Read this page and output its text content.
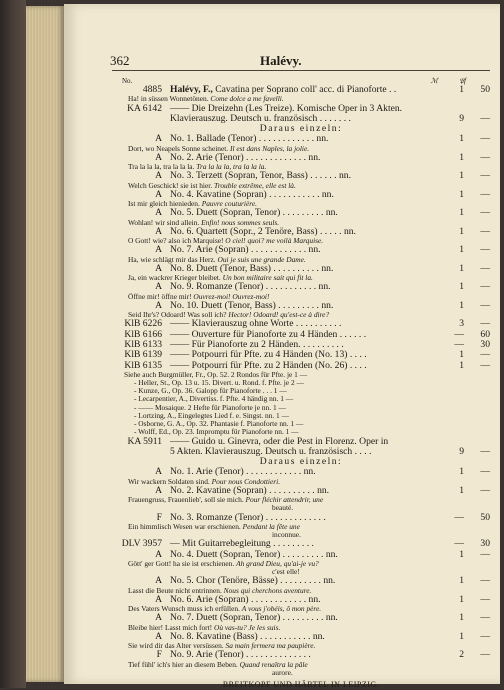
362	Halévy.
No.	ℳ	𝔓f
4885 Halévy, F., Cavatina per Soprano coll' acc. di Pianoforte . .	1	50
Ha! in süssen Wonnetönen. Come dolce a me favelli.
KA 6142 —— Die Dreizehn (Les Treize). Komische Oper in 3 Akten.
Klavierauszug. Deutsch u. französisch . . . . . . .	9	—
Daraus einzeln:
A No. 1. Ballade (Tenor) . . . . . . . . . . . . nn.	1	—
Dort, wo Neapels Sonne scheinet. Il est dans Naples, la jolie.
A No. 2. Arie (Tenor) . . . . . . . . . . . . . nn.	1	—
Tra la la la, tra la la la. Tra la la la, tra la la la.
A No. 3. Terzett (Sopran, Tenor, Bass) . . . . . . nn.	1	—
Welch Geschick! sie ist hier. Trouble extrême, elle est là.
A No. 4. Kavatine (Sopran) . . . . . . . . . . . nn.	1	—
Ist mir gleich hienieden. Pauvre couturière.
A No. 5. Duett (Sopran, Tenor) . . . . . . . . . nn.	1	—
Wohlan! wir sind allein. Enfin! nous sommes seuls.
A No. 6. Quartett (Sopr., 2 Tenöre, Bass) . . . . . nn.	1	—
O Gott! wie? also ich Marquise! O ciel! quoi? me voilà Marquise.
A No. 7. Arie (Sopran) . . . . . . . . . . . . nn.	1	—
Ha, wie schlägt mir das Herz. Oui je suis une grande Dame.
A No. 8. Duett (Tenor, Bass) . . . . . . . . . . nn.	1	—
Ja, ein wackrer Krieger bleibet. Un bon militaire sait qui fit la.
A No. 9. Romanze (Tenor) . . . . . . . . . . . nn.	1	—
Öffne mir! öffne mir! Ouvrez-moi! Ouvrez-moi!
A No. 10. Duett (Tenor, Bass) . . . . . . . . . nn.	1	—
Seid Ihr's? Odoard! Was soll ich? Hector! Odoard! qu'est-ce à dire?
KlB 6226 —— Klavierauszug ohne Worte . . . . . . . . . .	3	—
KlB 6166 —— Ouverture für Pianoforte zu 4 Händen . . . . . .	—	60
KlB 6133 —— Für Pianoforte zu 2 Händen. . . . . . . . . .	—	30
KlB 6139 —— Potpourri für Pfte. zu 4 Händen (No. 13) . . . .	1	—
KlB 6135 —— Potpourri für Pfte. zu 2 Händen (No. 26) . . . .	1	—
Siehe auch Burgmüller, Fr., Op. 52. 2 Rondos für Pfte. je 1 —
- Heller, St., Op. 13 u. 15. Divert. u. Rond. f. Pfte. je 2 —
- Kunze, G., Op. 36. Galopp für Pianoforte . . . 1 —
- Lecarpentier, A., Divertiss. f. Pfte. 4 händig nn. 1 —
- —— Mosaique. 2 Hefte für Pianoforte je nn. 1 —
- Lortzing, A., Eingelegtes Lied f. e. Singst. nn. 1 —
- Osborne, G. A., Op. 32. Phantasie f. Pianoforte nn. 1 —
- Wolff, Ed., Op. 23. Impromptu für Pianoforte nn. 1 —
KA 5911 —— Guido u. Ginevra, oder die Pest in Florenz. Oper in
5 Akten. Klavierauszug. Deutsch u. französisch . . . .	9	—
Daraus einzeln:
A No. 1. Arie (Tenor) . . . . . . . . . . . . nn.	1	—
Wir wackern Soldaten sind. Pour nous Condottieri.
A No. 2. Kavatine (Sopran) . . . . . . . . . . nn.	1	—
Frauengruss, Frauenlieb', soll sie mich. Pour fléchir attendrir, une
beauté.
F No. 3. Romanze (Tenor) . . . . . . . . . . . . .	—	50
Ein himmlisch Wesen war erschienen. Pendant la fête une
inconnue.
DLV 3957 — Mit Guitarrebegleitung . . . . . . . . .	—	30
A No. 4. Duett (Sopran, Tenor) . . . . . . . . . nn.	1	—
Gött' ger Gott! ha sie ist erschienen. Ah grand Dieu, qu'ai-je vu?
c'est elle!
A No. 5. Chor (Tenöre, Bässe) . . . . . . . . . nn.	1	—
Lasst die Beute nicht entrinnen. Nous qui cherchons aventure.
A No. 6. Arie (Sopran) . . . . . . . . . . . . nn.	1	—
Des Vaters Wunsch muss ich erfüllen. A vous j'obéis, ô mon père.
A No. 7. Duett (Sopran, Tenor) . . . . . . . . . nn.	1	—
Bleibe hier! Lasst mich fort! Où vas-tu? Je les suis.
A No. 8. Kavatine (Bass) . . . . . . . . . . . nn.	1	—
Sie wird dir das Alter versüssen. Sa main fermera ma paupière.
F No. 9. Arie (Tenor) . . . . . . . . . . . . . .	2	—
Tief fühl' ich's hier an diesem Beben. Quand renaîtra la pâle
aurore.
BREITKOPF UND HÄRTEL IN LEIPZIG.
